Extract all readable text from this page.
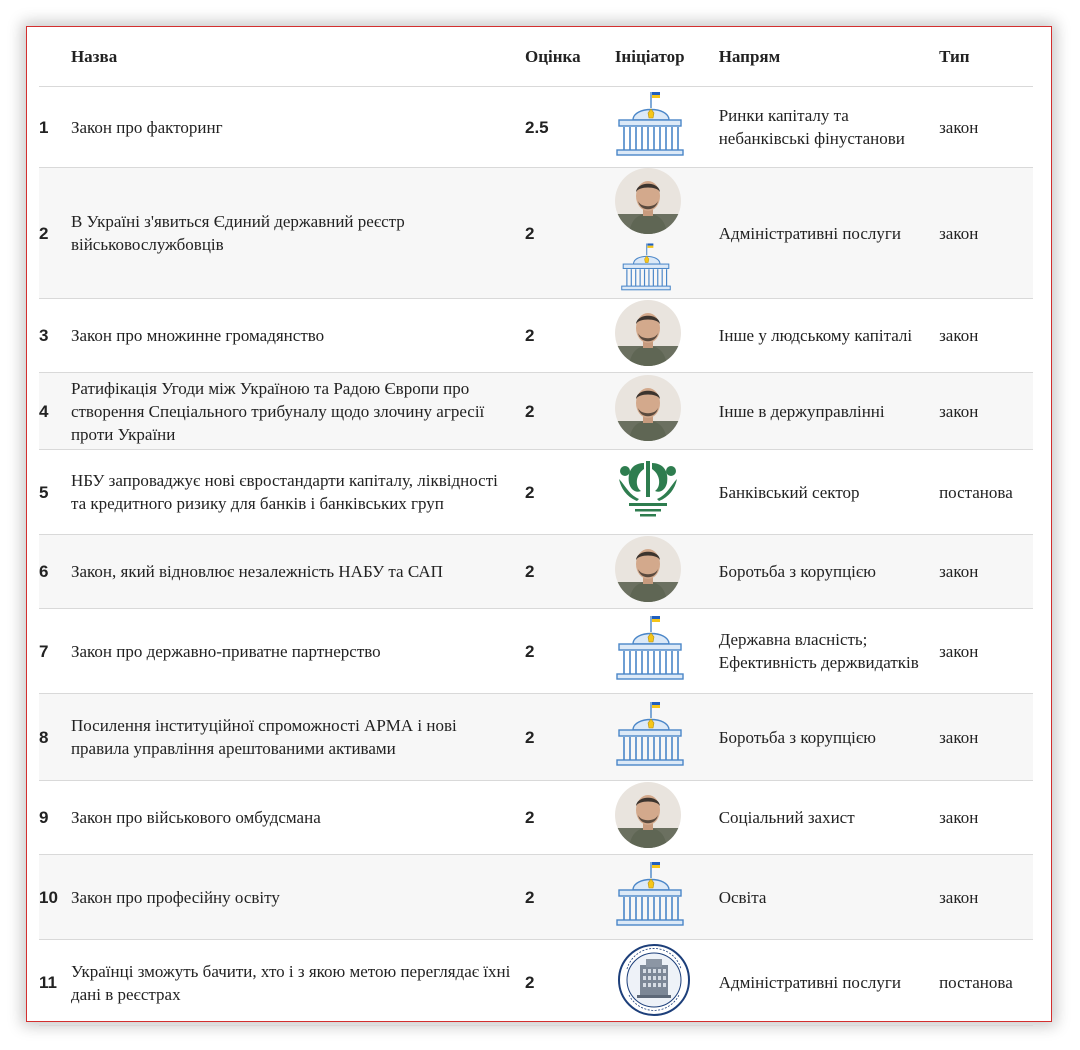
	Назва	Оцінка	Ініціатор	Напрям	Тип
1	Закон про факторинг	2.5		Ринки капіталу та небанківські фінустанови	закон
2	В Україні з'явиться Єдиний державний реєстр військовослужбовців	2		Адміністративні послуги	закон
3	Закон про множинне громадянство	2		Інше у людському капіталі	закон
4	Ратифікація Угоди між Україною та Радою Європи про створення Спеціального трибуналу щодо злочину агресії проти України	2		Інше в держуправлінні	закон
5	НБУ запроваджує нові євростандарти капіталу, ліквідності та кредитного ризику для банків і банківських груп	2		Банківський сектор	постанова
6	Закон, який відновлює незалежність НАБУ та САП	2		Боротьба з корупцією	закон
7	Закон про державно-приватне партнерство	2		Державна власність; Ефективність держвидатків	закон
8	Посилення інституційної спроможності АРМА і нові правила управління арештованими активами	2		Боротьба з корупцією	закон
9	Закон про військового омбудсмана	2		Соціальний захист	закон
10	Закон про професійну освіту	2		Освіта	закон
11	Українці зможуть бачити, хто і з якою метою переглядає їхні дані в реєстрах	2		Адміністративні послуги	постанова
